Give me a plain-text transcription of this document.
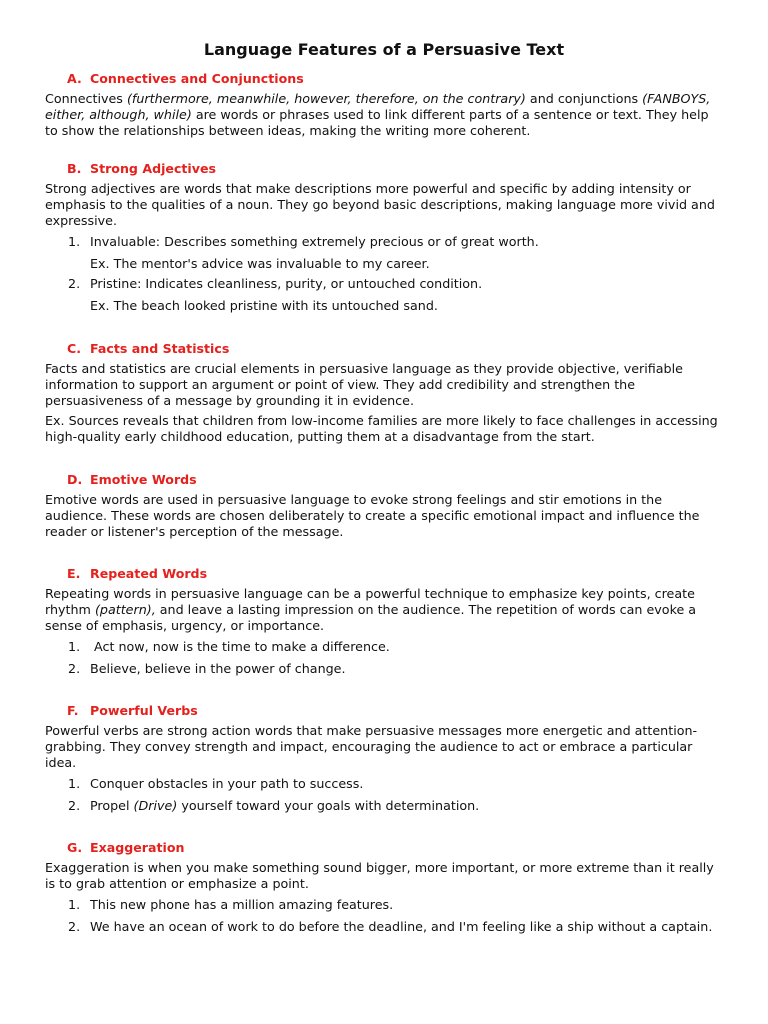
Language Features of a Persuasive Text
A. Connectives and Conjunctions

Connectives (furthermore, meanwhile, however, therefore, on the contrary) and conjunctions (FANBOYS, either, although, while) are words or phrases used to link different parts of a sentence or text. They help to show the relationships between ideas, making the writing more coherent.

B. Strong Adjectives

Strong adjectives are words that make descriptions more powerful and specific by adding intensity or emphasis to the qualities of a noun. They go beyond basic descriptions, making language more vivid and expressive.

1. Invaluable: Describes something extremely precious or of great worth.

Ex. The mentor's advice was invaluable to my career.

2. Pristine: Indicates cleanliness, purity, or untouched condition.

Ex. The beach looked pristine with its untouched sand.

C. Facts and Statistics

Facts and statistics are crucial elements in persuasive language as they provide objective, verifiable information to support an argument or point of view. They add credibility and strengthen the persuasiveness of a message by grounding it in evidence.

Ex. Sources reveals that children from low-income families are more likely to face challenges in accessing high-quality early childhood education, putting them at a disadvantage from the start.

D. Emotive Words

Emotive words are used in persuasive language to evoke strong feelings and stir emotions in the audience. These words are chosen deliberately to create a specific emotional impact and influence the reader or listener's perception of the message.

E. Repeated Words

Repeating words in persuasive language can be a powerful technique to emphasize key points, create rhythm (pattern), and leave a lasting impression on the audience. The repetition of words can evoke a sense of emphasis, urgency, or importance.

1. Act now, now is the time to make a difference.
2. Believe, believe in the power of change.
F. Powerful Verbs

Powerful verbs are strong action words that make persuasive messages more energetic and attention-grabbing. They convey strength and impact, encouraging the audience to act or embrace a particular idea.

1. Conquer obstacles in your path to success.
2. Propel (Drive) yourself toward your goals with determination.
G. Exaggeration

Exaggeration is when you make something sound bigger, more important, or more extreme than it really is to grab attention or emphasize a point.

1. This new phone has a million amazing features.
2. We have an ocean of work to do before the deadline, and I'm feeling like a ship without a captain.
